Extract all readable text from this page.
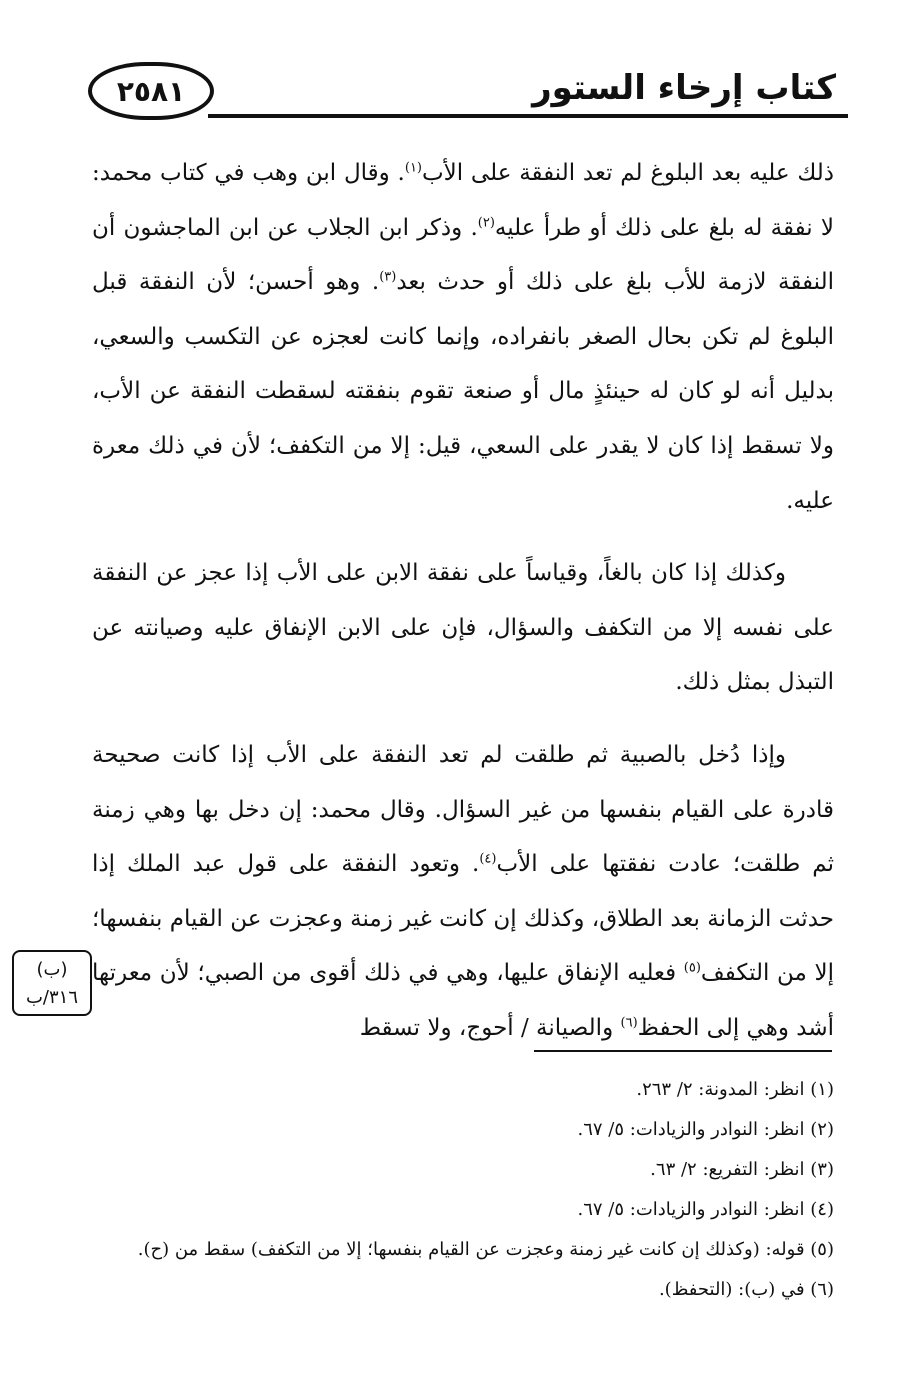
كتاب إرخاء الستور
٢٥٨١

ذلك عليه بعد البلوغ لم تعد النفقة على الأب$^{(١)}$. وقال ابن وهب في كتاب محمد: لا نفقة له بلغ على ذلك أو طرأ عليه$^{(٢)}$. وذكر ابن الجلاب عن ابن الماجشون أن النفقة لازمة للأب بلغ على ذلك أو حدث بعد$^{(٣)}$. وهو أحسن؛ لأن النفقة قبل البلوغ لم تكن بحال الصغر بانفراده، وإنما كانت لعجزه عن التكسب والسعي، بدليل أنه لو كان له حينئذٍ مال أو صنعة تقوم بنفقته لسقطت النفقة عن الأب، ولا تسقط إذا كان لا يقدر على السعي، قيل: إلا من التكفف؛ لأن في ذلك معرة عليه.

وكذلك إذا كان بالغاً، وقياساً على نفقة الابن على الأب إذا عجز عن النفقة على نفسه إلا من التكفف والسؤال، فإن على الابن الإنفاق عليه وصيانته عن التبذل بمثل ذلك.

وإذا دُخل بالصبية ثم طلقت لم تعد النفقة على الأب إذا كانت صحيحة قادرة على القيام بنفسها من غير السؤال. وقال محمد: إن دخل بها وهي زمنة ثم طلقت؛ عادت نفقتها على الأب$^{(٤)}$. وتعود النفقة على قول عبد الملك إذا حدثت الزمانة بعد الطلاق، وكذلك إن كانت غير زمنة وعجزت عن القيام بنفسها؛ إلا من التكفف$^{(٥)}$ فعليه الإنفاق عليها، وهي في ذلك أقوى من الصبي؛ لأن معرتها أشد وهي إلى الحفظ$^{(٦)}$ والصيانة / أحوج، ولا تسقط

(ب)
٣١٦/ب
(١) انظر: المدونة: ٢/ ٢٦٣.
(٢) انظر: النوادر والزيادات: ٥/ ٦٧.
(٣) انظر: التفريع: ٢/ ٦٣.
(٤) انظر: النوادر والزيادات: ٥/ ٦٧.
(٥) قوله: (وكذلك إن كانت غير زمنة وعجزت عن القيام بنفسها؛ إلا من التكفف) سقط من (ح).
(٦) في (ب): (التحفظ).
